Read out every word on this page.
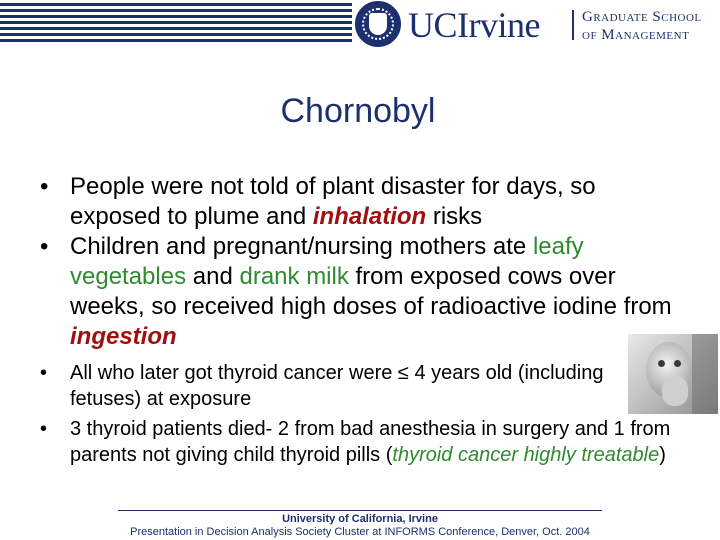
UCIrvine	Graduate School
of Management
Chornobyl
• People were not told of plant disaster for days, so exposed to plume and inhalation risks
• Children and pregnant/nursing mothers ate leafy vegetables and drank milk from exposed cows over weeks, so received high doses of radioactive iodine from ingestion
• All who later got thyroid cancer were ≤ 4 years old (including fetuses) at exposure
• 3 thyroid patients died- 2 from bad anesthesia in surgery and 1 from parents not giving child thyroid pills (thyroid cancer highly treatable)
University of California, Irvine
Presentation in Decision Analysis Society Cluster at INFORMS Conference, Denver, Oct. 2004
